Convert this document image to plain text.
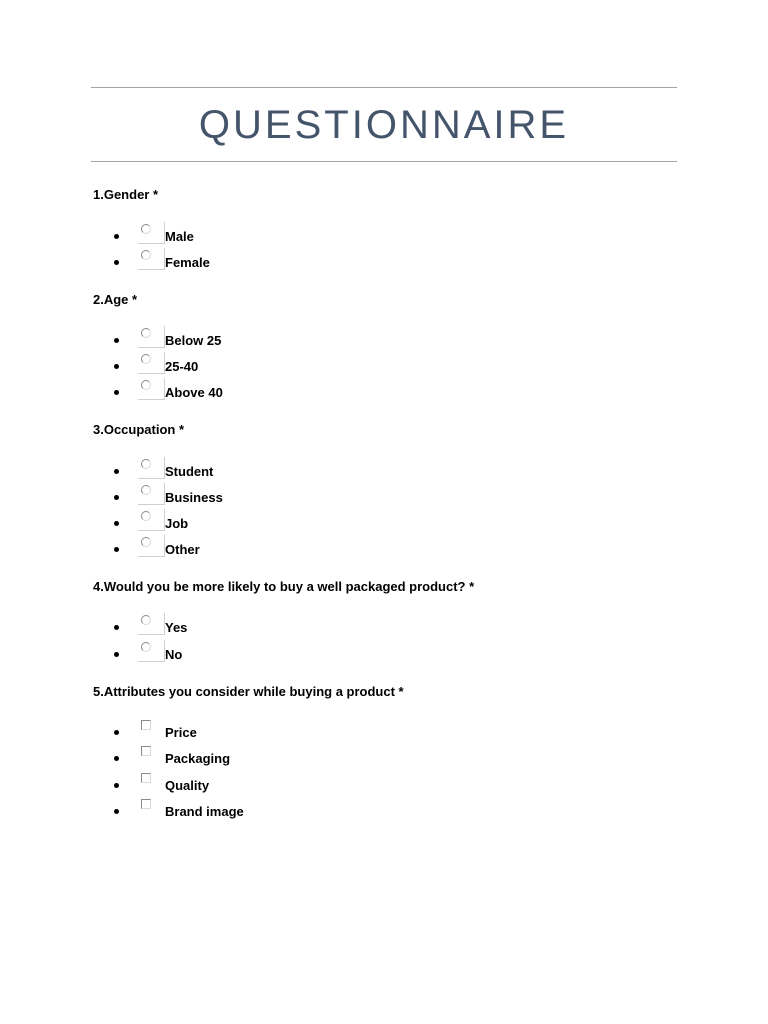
QUESTIONNAIRE
1.Gender *
Male
Female
2.Age *
Below 25
25-40
Above 40
3.Occupation *
Student
Business
Job
Other
4.Would you be more likely to buy a well packaged product? *
Yes
No
5.Attributes you consider while buying a product *
Price
Packaging
Quality
Brand image
